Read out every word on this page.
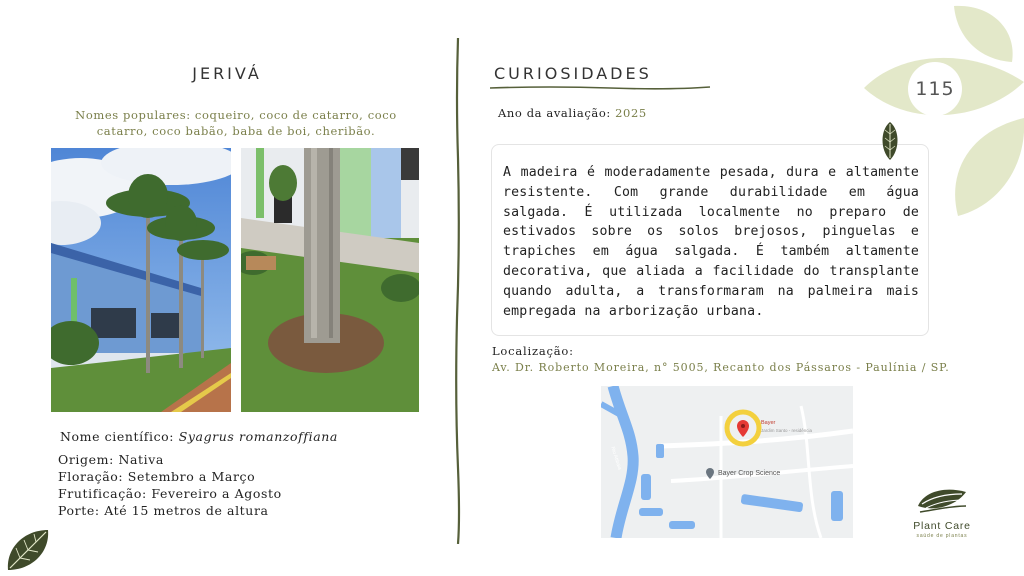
JERIVÁ
Nomes populares: coqueiro, coco de catarro, coco catarro, coco babão, baba de boi, cheribão.
Nome científico: Syagrus romanzoffiana
Origem: Nativa
Floração: Setembro a Março
Frutificação: Fevereiro a Agosto
Porte: Até 15 metros de altura
CURIOSIDADES
Ano da avaliação: 2025
A madeira é moderadamente pesada, dura e altamente resistente. Com grande durabilidade em água salgada. É utilizada localmente no preparo de estivados sobre os solos brejosos, pinguelas e trapiches em água salgada. É também altamente decorativa, que aliada a facilidade do transplante quando adulta, a transformaram na palmeira mais empregada na arborização urbana.
Localização:
Av. Dr. Roberto Moreira, n° 5005, Recanto dos Pássaros - Paulínia / SP.
Bayer Crop Science
Bayer
Jardim Santo - residência
Rio Atibaia
115
Plant Care
saúde de plantas
